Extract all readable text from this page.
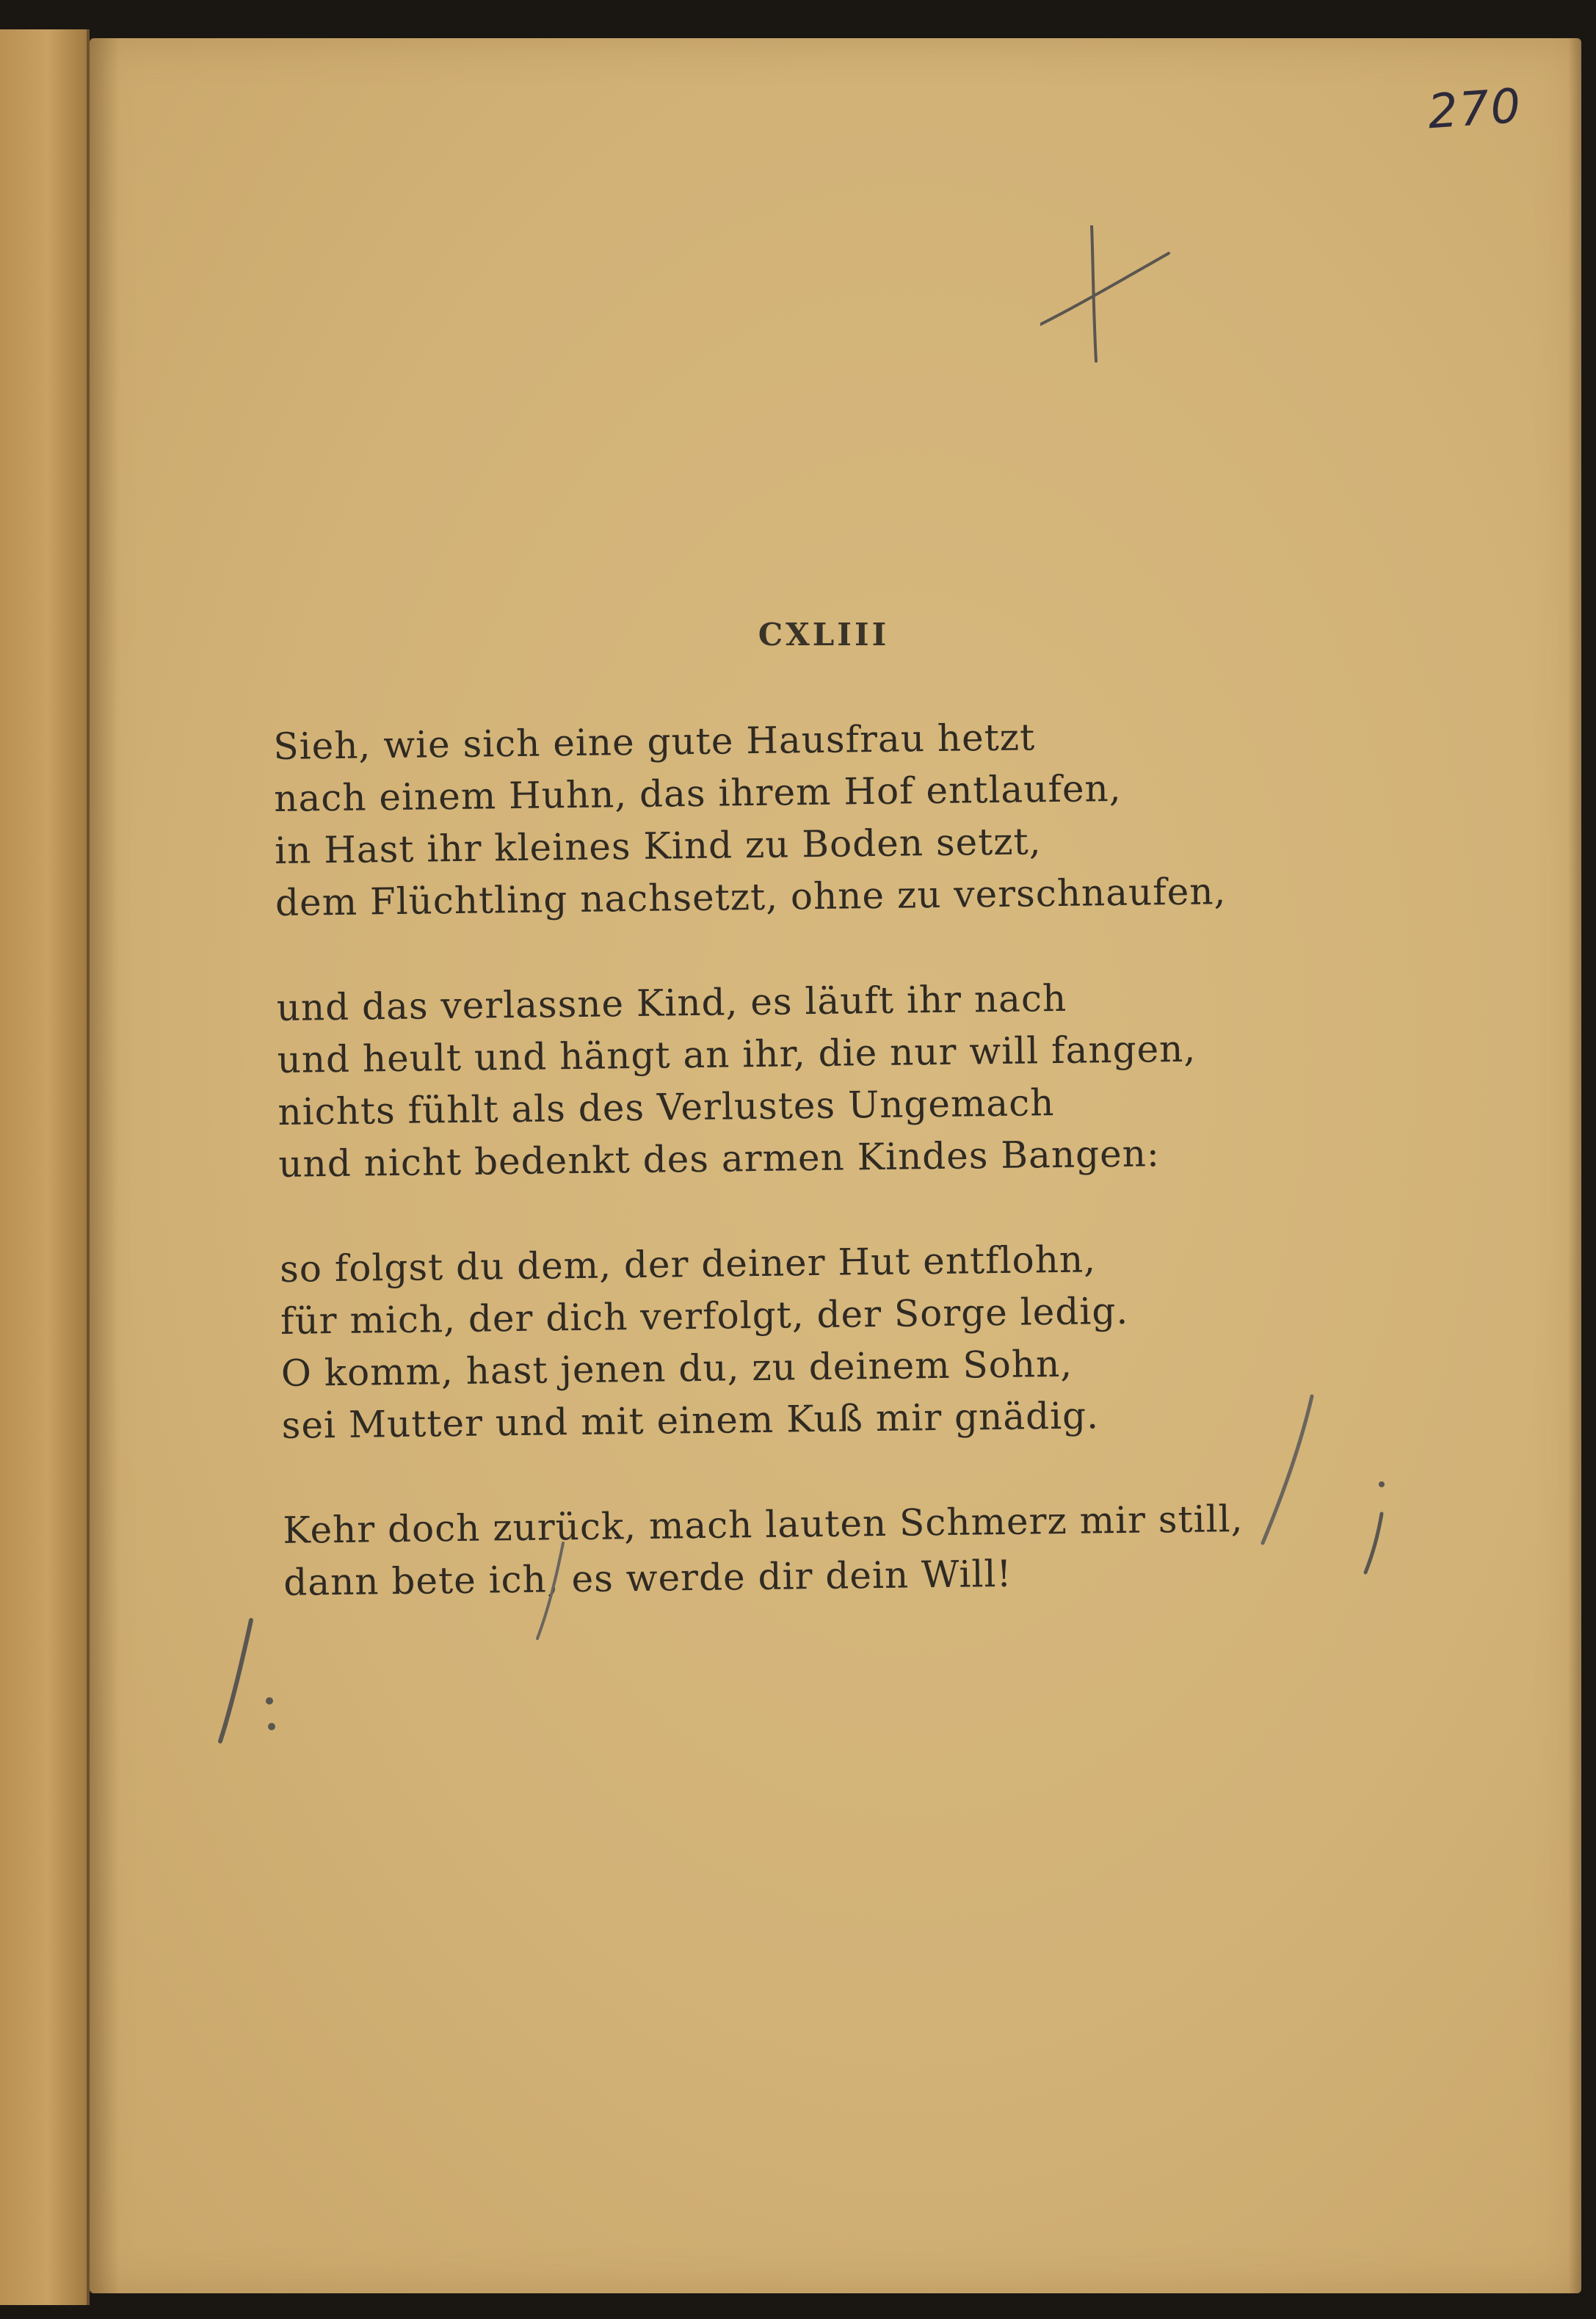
270
CXLIII
Sieh, wie sich eine gute Hausfrau hetzt
nach einem Huhn, das ihrem Hof entlaufen,
in Hast ihr kleines Kind zu Boden setzt,
dem Flüchtling nachsetzt, ohne zu verschnaufen,
und das verlassne Kind, es läuft ihr nach
und heult und hängt an ihr, die nur will fangen,
nichts fühlt als des Verlustes Ungemach
und nicht bedenkt des armen Kindes Bangen:
so folgst du dem, der deiner Hut entflohn,
für mich, der dich verfolgt, der Sorge ledig.
O komm, hast jenen du, zu deinem Sohn,
sei Mutter und mit einem Kuß mir gnädig.
Kehr doch zurück, mach lauten Schmerz mir still,
dann bete ich, es werde dir dein Will!
